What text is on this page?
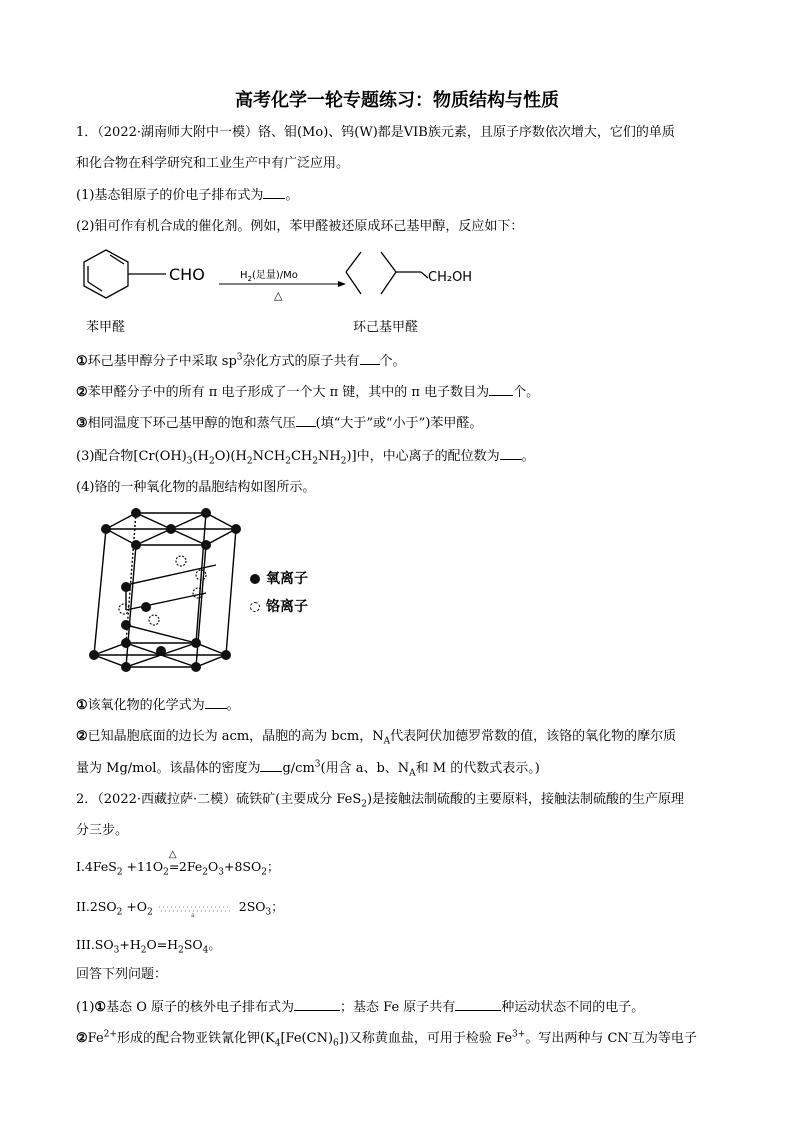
高考化学一轮专题练习：物质结构与性质
1．（2022·湖南师大附中一模）铬、钼(Mo)、钨(W)都是VIB族元素，且原子序数依次增大，它们的单质
和化合物在科学研究和工业生产中有广泛应用。
(1)基态钼原子的价电子排布式为 。
(2)钼可作有机合成的催化剂。例如，苯甲醛被还原成环己基甲醇，反应如下：
CHO	$H_2$(足量)/Mo
△
CH₂OH
苯甲醛	环己基甲醛
①环己基甲醇分子中采取 $sp^3$杂化方式的原子共有 个。
②苯甲醛分子中的所有 π 电子形成了一个大 π 键，其中的 π 电子数目为 个。
③相同温度下环己基甲醇的饱和蒸气压 (填“大于”或“小于”)苯甲醛。
(3)配合物$[Cr(OH)_3(H_2O)(H_2NCH_2CH_2NH_2)]$中，中心离子的配位数为 。
(4)铬的一种氧化物的晶胞结构如图所示。
氧离子
铬离子
①该氧化物的化学式为 。
②已知晶胞底面的边长为 acm，晶胞的高为 bcm，$N_A$代表阿伏加德罗常数的值，该铬的氧化物的摩尔质
量为 Mg/mol。该晶体的密度为 $g/cm^3$(用含 a、b、$N_A$和 M 的代数式表示。)
2．（2022·西藏拉萨·二模）硫铁矿(主要成分 FeS$_2$)是接触法制硫酸的主要原料，接触法制硫酸的生产原理
分三步。
$I.4FeS_2 +11O_2$
△
$=2Fe_2O_3+8SO_2$；
$II.2SO_2 +O_2$	a
$2SO_3$；
$III.SO_3+H_2O=H_2SO_4$。
回答下列问题：
(1)①基态 O 原子的核外电子排布式为	；基态 Fe 原子共有	种运动状态不同的电子。
$②Fe^{2+}$形成的配合物亚铁氰化钾$(K_4[Fe(CN)_6])$又称黄血盐，可用于检验 $Fe^{3+}$。写出两种与 CN-互为等电子
